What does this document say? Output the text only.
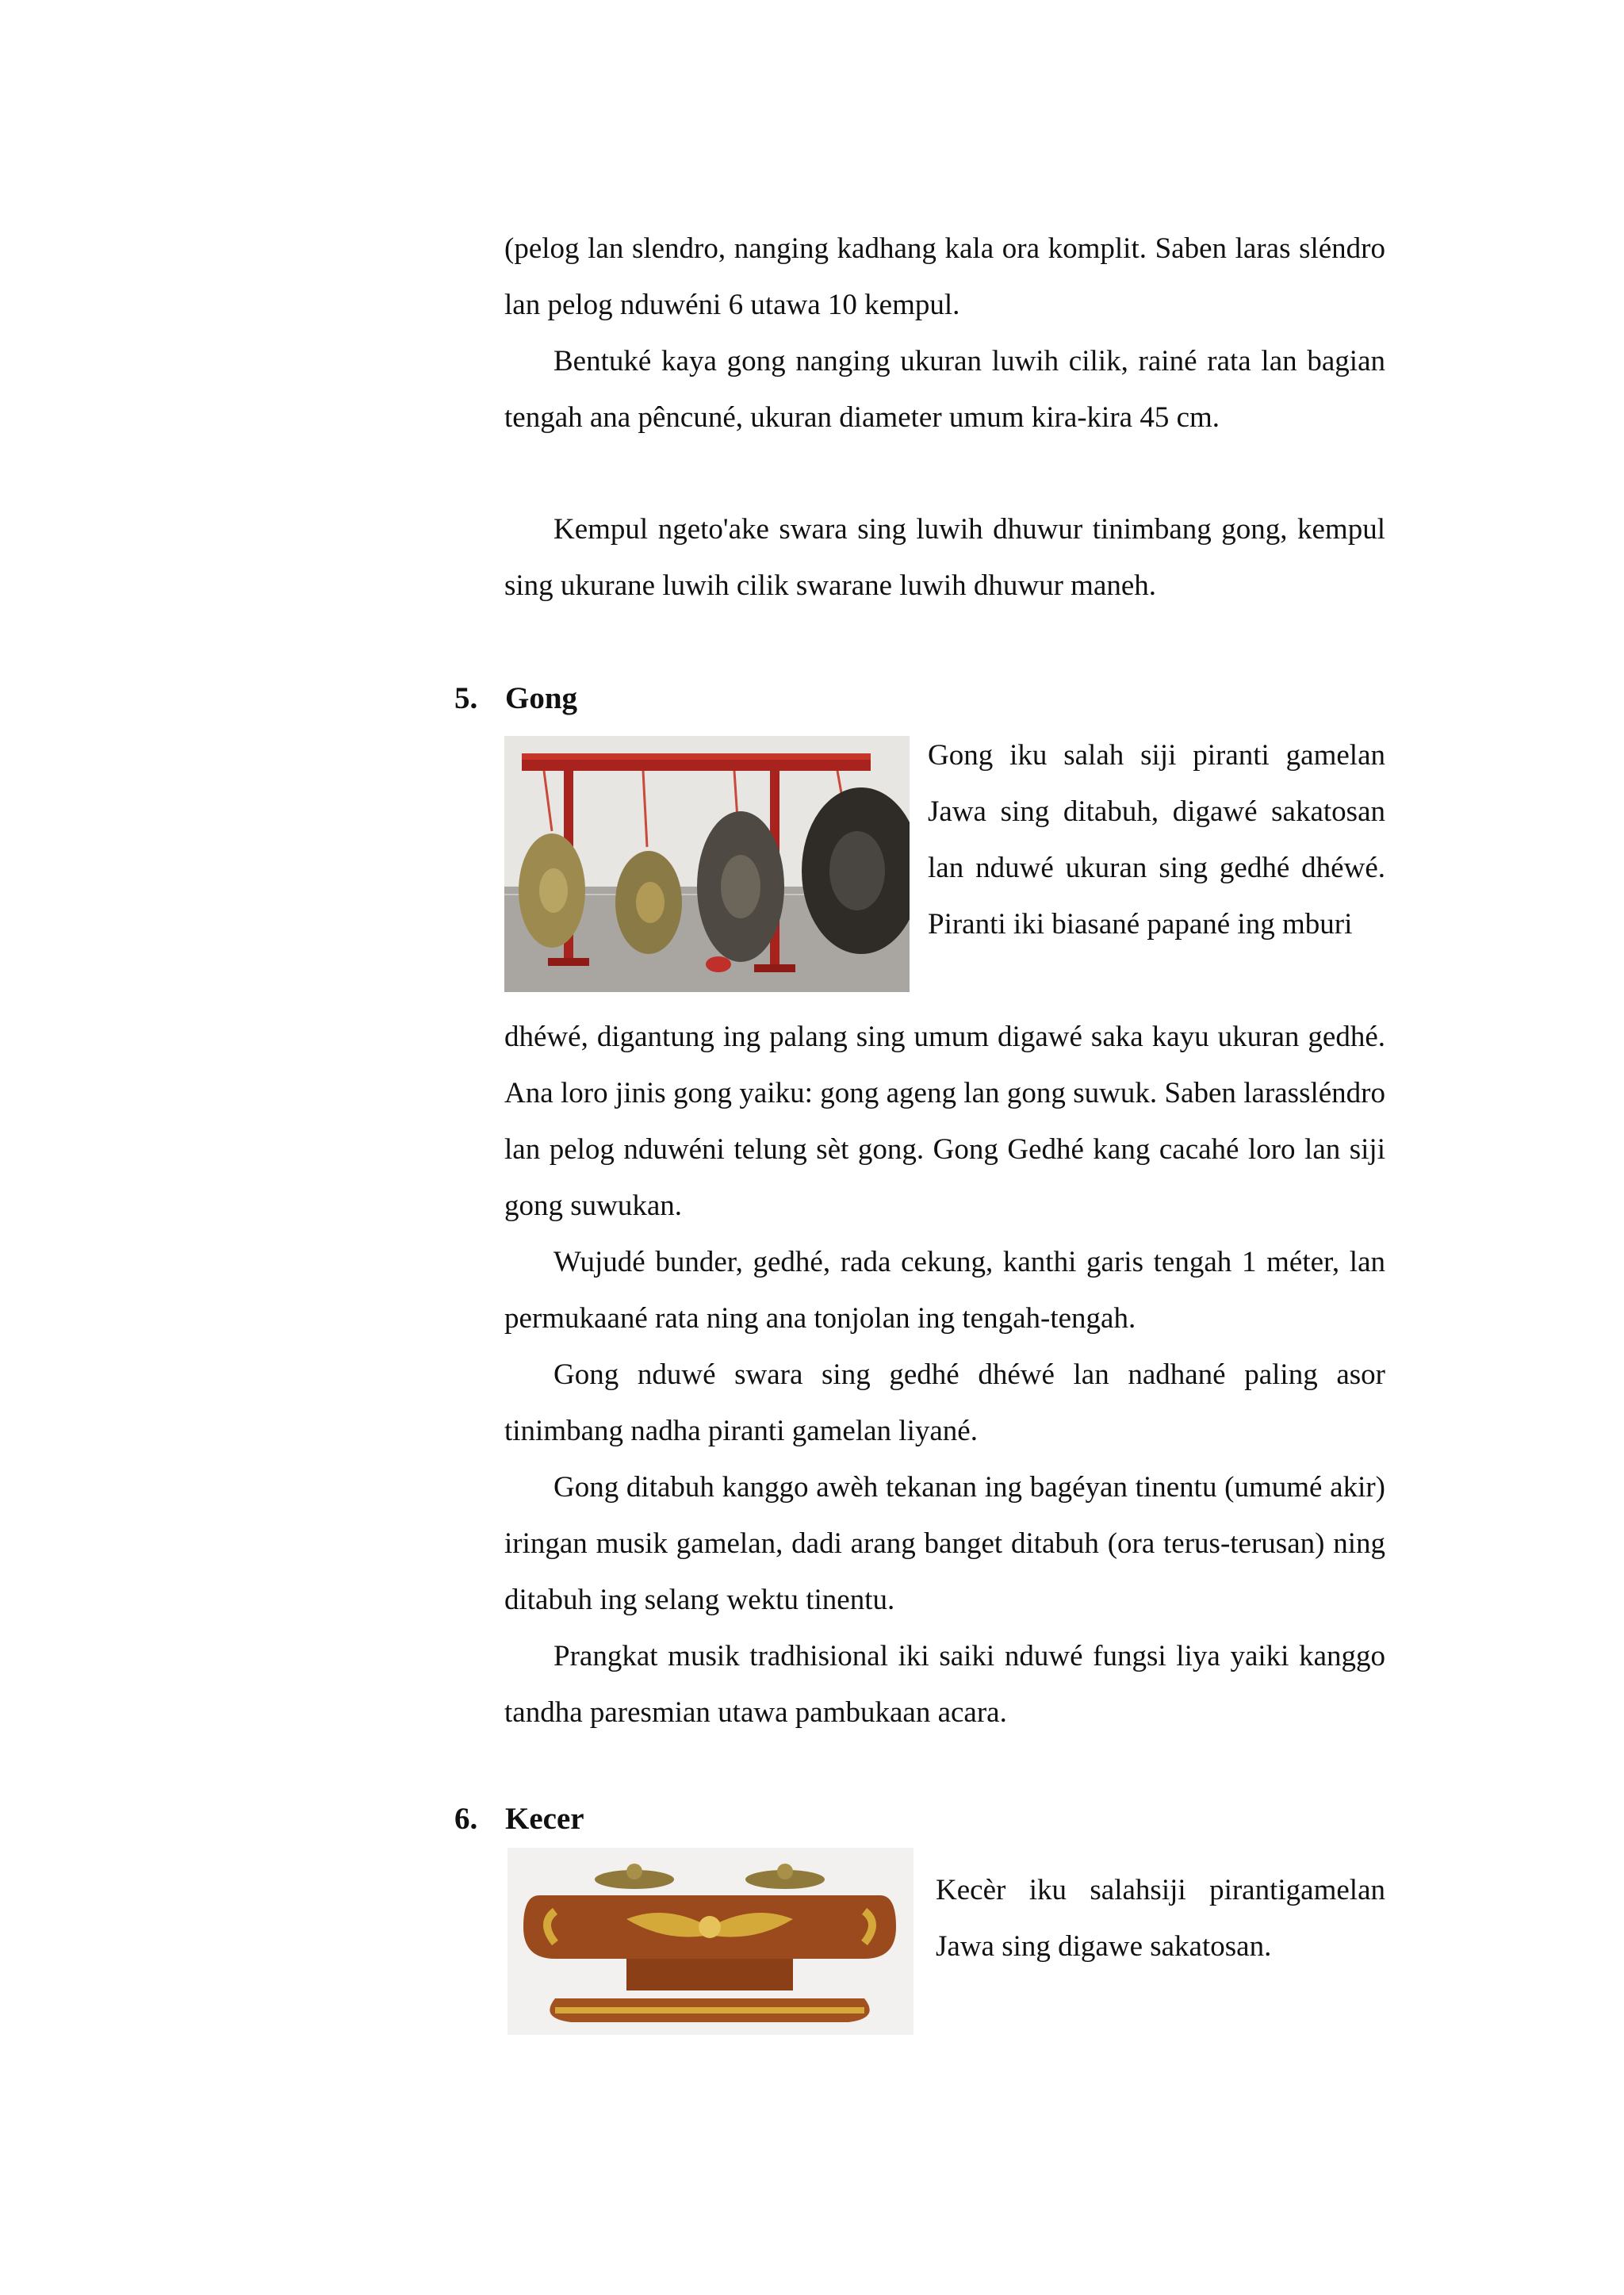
(pelog lan slendro, nanging kadhang kala ora komplit. Saben laras sléndro lan pelog nduwéni 6 utawa 10 kempul.

Bentuké kaya gong nanging ukuran luwih cilik, rainé rata lan bagian tengah ana pêncuné, ukuran diameter umum kira-kira 45 cm.

Kempul ngeto'ake swara sing luwih dhuwur tinimbang gong, kempul sing ukurane luwih cilik swarane luwih dhuwur maneh.

5. Gong

Gong iku salah siji piranti gamelan Jawa sing ditabuh, digawé sakatosan lan nduwé ukuran sing gedhé dhéwé. Piranti iki biasané papané ing mburi

dhéwé, digantung ing palang sing umum digawé saka kayu ukuran gedhé. Ana loro jinis gong yaiku: gong ageng lan gong suwuk. Saben larassléndro lan pelog nduwéni telung sèt gong. Gong Gedhé kang cacahé loro lan siji gong suwukan.

Wujudé bunder, gedhé, rada cekung, kanthi garis tengah 1 méter, lan permukaané rata ning ana tonjolan ing tengah-tengah.

Gong nduwé swara sing gedhé dhéwé lan nadhané paling asor tinimbang nadha piranti gamelan liyané.

Gong ditabuh kanggo awèh tekanan ing bagéyan tinentu (umumé akir) iringan musik gamelan, dadi arang banget ditabuh (ora terus-terusan) ning ditabuh ing selang wektu tinentu.

Prangkat musik tradhisional iki saiki nduwé fungsi liya yaiki kanggo tandha paresmian utawa pambukaan acara.

6. Kecer

Kecèr iku salahsiji pirantigamelan Jawa sing digawe sakatosan.
